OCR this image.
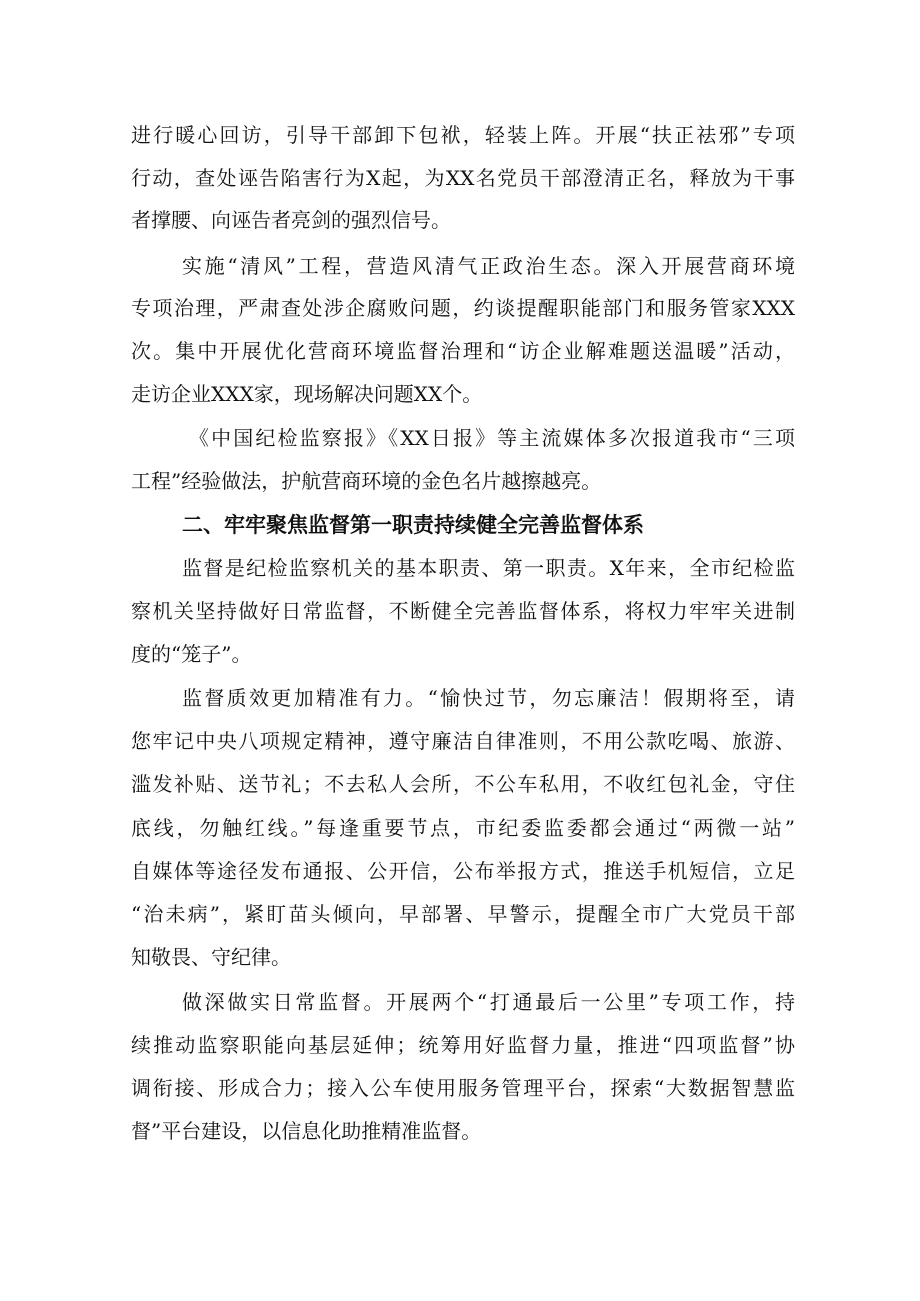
进行暖心回访，引导干部卸下包袱，轻装上阵。开展“扶正祛邪”专项
行动，查处诬告陷害行为X起，为XX名党员干部澄清正名，释放为干事
者撑腰、向诬告者亮剑的强烈信号。
实施“清风”工程，营造风清气正政治生态。深入开展营商环境
专项治理，严肃查处涉企腐败问题，约谈提醒职能部门和服务管家XXX
次。集中开展优化营商环境监督治理和“访企业解难题送温暖”活动，
走访企业XXX家，现场解决问题XX个。
《中国纪检监察报》《XX日报》等主流媒体多次报道我市“三项
工程”经验做法，护航营商环境的金色名片越擦越亮。
二、牢牢聚焦监督第一职责持续健全完善监督体系
监督是纪检监察机关的基本职责、第一职责。X年来，全市纪检监
察机关坚持做好日常监督，不断健全完善监督体系，将权力牢牢关进制
度的“笼子”。
监督质效更加精准有力。“愉快过节，勿忘廉洁！假期将至，请
您牢记中央八项规定精神，遵守廉洁自律准则，不用公款吃喝、旅游、
滥发补贴、送节礼；不去私人会所，不公车私用，不收红包礼金，守住
底线，勿触红线。”每逢重要节点，市纪委监委都会通过“两微一站”
自媒体等途径发布通报、公开信，公布举报方式，推送手机短信，立足
“治未病”，紧盯苗头倾向，早部署、早警示，提醒全市广大党员干部
知敬畏、守纪律。
做深做实日常监督。开展两个“打通最后一公里”专项工作，持
续推动监察职能向基层延伸；统筹用好监督力量，推进“四项监督”协
调衔接、形成合力；接入公车使用服务管理平台，探索“大数据智慧监
督”平台建设，以信息化助推精准监督。
